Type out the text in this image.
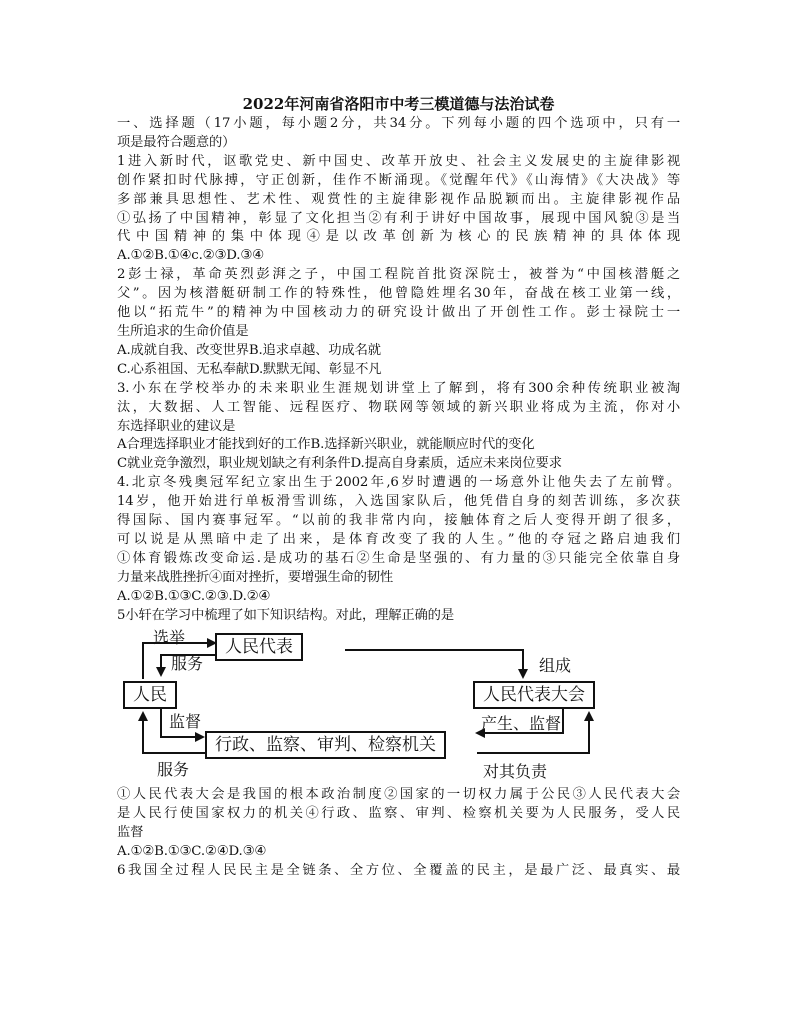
2022年河南省洛阳市中考三模道德与法治试卷
一、选择题（17小题，每小题2分，共34分。下列每小题的四个选项中，只有一
项是最符合题意的）
1进入新时代，讴歌党史、新中国史、改革开放史、社会主义发展史的主旋律影视
创作紧扣时代脉搏，守正创新，佳作不断涌现。《觉醒年代》《山海情》《大决战》等
多部兼具思想性、艺术性、观赏性的主旋律影视作品脱颖而出。主旋律影视作品
①弘扬了中国精神，彰显了文化担当②有利于讲好中国故事，展现中国风貌③是当
代中国精神的集中体现④是以改革创新为核心的民族精神的具体体现
A.①②B.①④c.②③D.③④
2彭士禄，革命英烈彭湃之子，中国工程院首批资深院士，被誉为“中国核潜艇之
父”。因为核潜艇研制工作的特殊性，他曾隐姓埋名30年，奋战在核工业第一线，
他以“拓荒牛”的精神为中国核动力的研究设计做出了开创性工作。彭士禄院士一
生所追求的生命价值是
A.成就自我、改变世界B.追求卓越、功成名就
C.心系祖国、无私奉献D.默默无闻、彰显不凡
3.小东在学校举办的未来职业生涯规划讲堂上了解到，将有300余种传统职业被淘
汰，大数据、人工智能、远程医疗、物联网等领域的新兴职业将成为主流，你对小
东选择职业的建议是
A合理选择职业才能找到好的工作B.选择新兴职业，就能顺应时代的变化
C就业竞争激烈，职业规划缺之有利条件D.提高自身素质，适应未来岗位要求
4.北京冬残奥冠军纪立家出生于2002年,6岁时遭遇的一场意外让他失去了左前臂。
14岁，他开始进行单板滑雪训练，入选国家队后，他凭借自身的刻苦训练，多次获
得国际、国内赛事冠军。“以前的我非常内向，接触体育之后人变得开朗了很多，
可以说是从黑暗中走了出来，是体育改变了我的人生。”他的夺冠之路启迪我们
①体育锻炼改变命运.是成功的基石②生命是坚强的、有力量的③只能完全依靠自身
力量来战胜挫折④面对挫折，要增强生命的韧性
A.①②B.①③C.②③.D.②④
5小轩在学习中梳理了如下知识结构。对此，理解正确的是
人民代表
人民	人民代表大会
行政、监察、审判、检察机关
选举
服务	组成
监督	产生、监督
服务	对其负责
①人民代表大会是我国的根本政治制度②国家的一切权力属于公民③人民代表大会
是人民行使国家权力的机关④行政、监察、审判、检察机关要为人民服务，受人民
监督
A.①②B.①③C.②④D.③④
6我国全过程人民民主是全链条、全方位、全覆盖的民主，是最广泛、最真实、最
